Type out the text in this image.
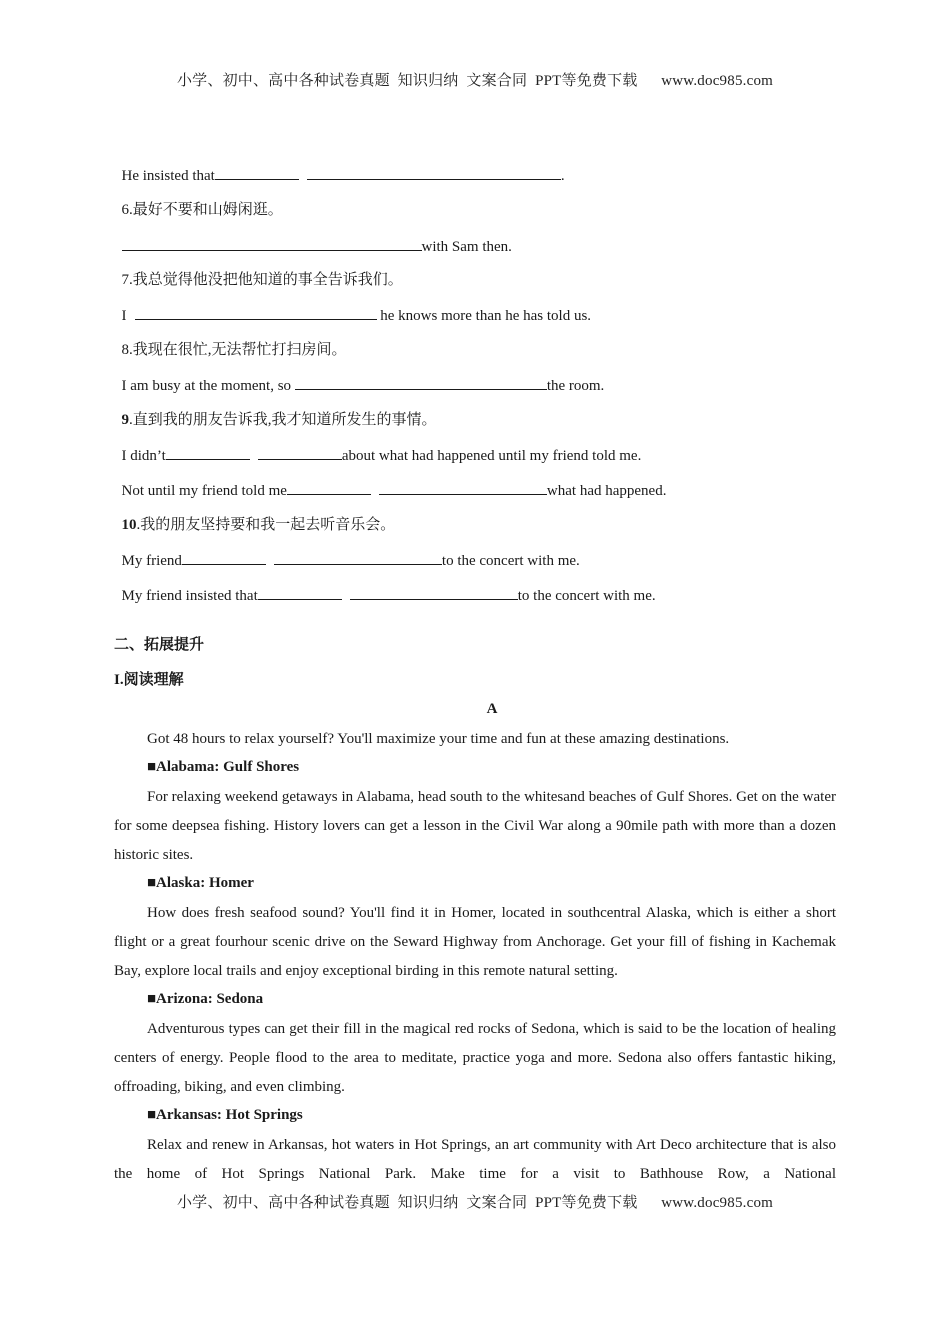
小学、初中、高中各种试卷真题  知识归纳  文案合同  PPT等免费下载      www.doc985.com

He insisted that	.

6.最好不要和山姆闲逛。

with Sam then.

7.我总觉得他没把他知道的事全告诉我们。

I	he knows more than he has told us.

8.我现在很忙,无法帮忙打扫房间。

I am busy at the moment, so	the room.

9.直到我的朋友告诉我,我才知道所发生的事情。

I didn’t	about what had happened until my friend told me.

Not until my friend told me	what had happened.

10.我的朋友坚持要和我一起去听音乐会。

My friend	to the concert with me.

My friend insisted that	to the concert with me.

二、拓展提升
I.阅读理解
A
Got 48 hours to relax yourself? You'll maximize your time and fun at these amazing destinations.
■Alabama: Gulf Shores
For relaxing weekend getaways in Alabama, head south to the whitesand beaches of Gulf Shores. Get on the water for some deepsea fishing. History lovers can get a lesson in the Civil War along a 90mile path with more than a dozen historic sites.
■Alaska: Homer
How does fresh seafood sound? You'll find it in Homer, located in southcentral Alaska, which is either a short flight or a great fourhour scenic drive on the Seward Highway from Anchorage. Get your fill of fishing in Kachemak Bay, explore local trails and enjoy exceptional birding in this remote natural setting.
■Arizona: Sedona
Adventurous types can get their fill in the magical red rocks of Sedona, which is said to be the location of healing centers of energy. People flood to the area to meditate, practice yoga and more. Sedona also offers fantastic hiking, offroading, biking, and even climbing.
■Arkansas: Hot Springs
Relax and renew in Arkansas, hot waters in Hot Springs, an art community with Art Deco architecture that is also the home of Hot Springs National Park. Make time for a visit to Bathhouse Row, a National
小学、初中、高中各种试卷真题  知识归纳  文案合同  PPT等免费下载      www.doc985.com
